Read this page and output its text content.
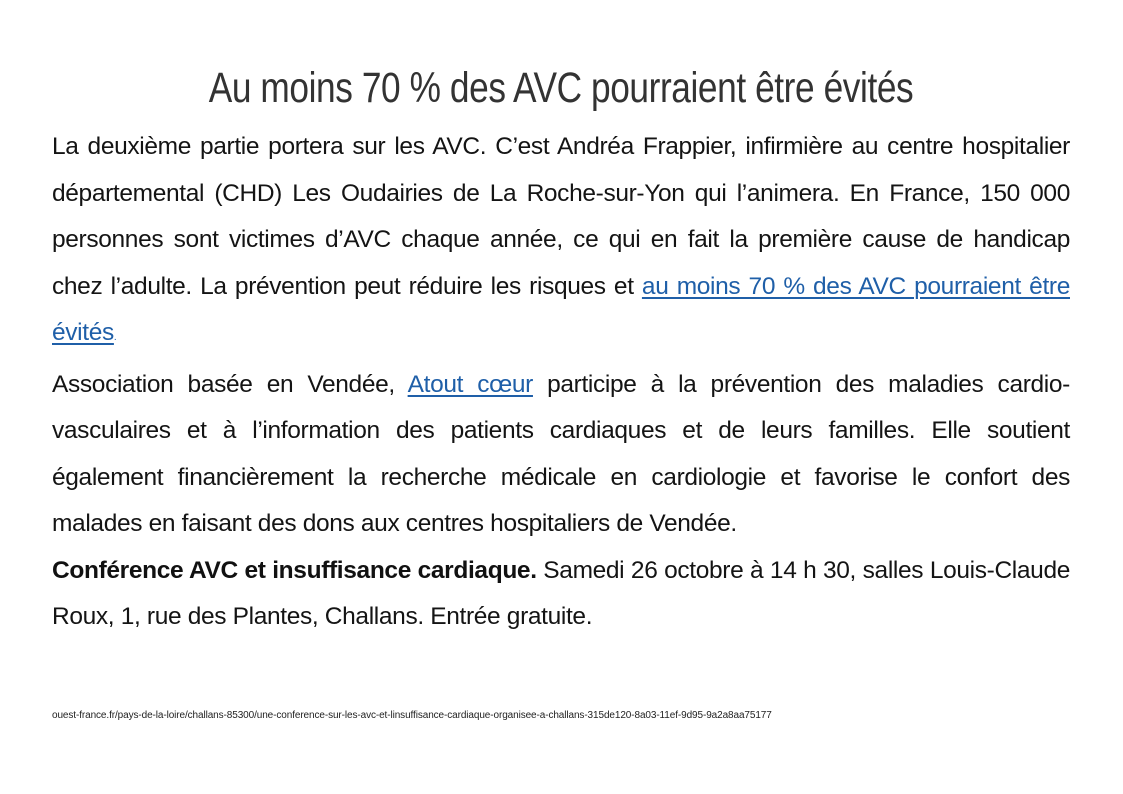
Au moins 70 % des AVC pourraient être évités

La deuxième partie portera sur les AVC. C’est Andréa Frappier, infirmière au centre hospitalier départemental (CHD) Les Oudairies de La Roche-sur-Yon qui l’animera. En France, 150 000 personnes sont victimes d’AVC chaque année, ce qui en fait la première cause de handicap chez l’adulte. La prévention peut réduire les risques et au moins 70 % des AVC pourraient être évités.

Association basée en Vendée, Atout cœur participe à la prévention des maladies cardio-vasculaires et à l’information des patients cardiaques et de leurs familles. Elle soutient également financièrement la recherche médicale en cardiologie et favorise le confort des malades en faisant des dons aux centres hospitaliers de Vendée.

Conférence AVC et insuffisance cardiaque. Samedi 26 octobre à 14 h 30, salles Louis-Claude Roux, 1, rue des Plantes, Challans. Entrée gratuite.

ouest-france.fr/pays-de-la-loire/challans-85300/une-conference-sur-les-avc-et-linsuffisance-cardiaque-organisee-a-challans-315de120-8a03-11ef-9d95-9a2a8aa75177
